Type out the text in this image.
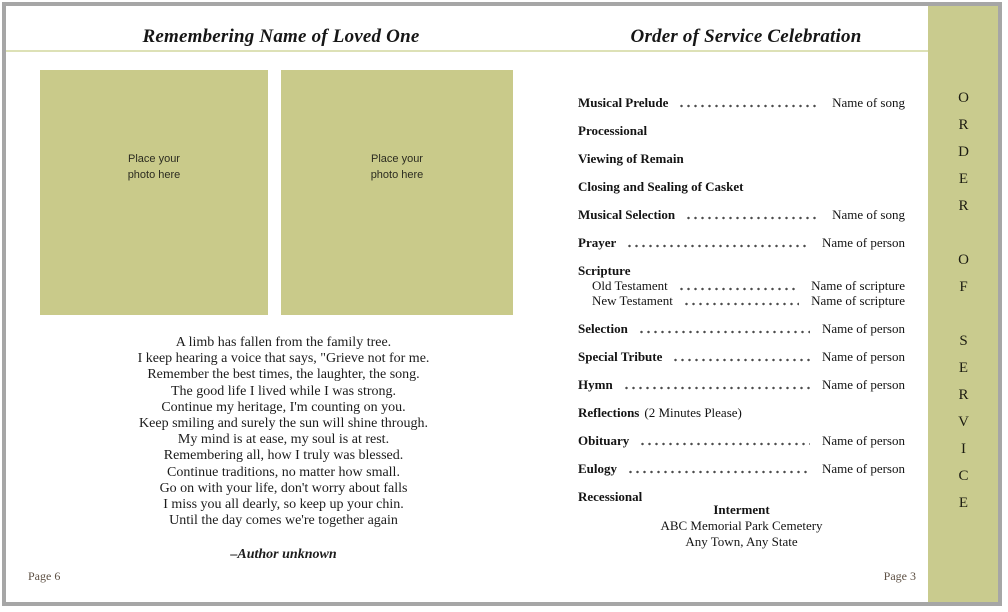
Remembering Name of Loved One	Order of Service Celebration
Place your photo here
Place your photo here
A limb has fallen from the family tree.
I keep hearing a voice that says, "Grieve not for me.
Remember the best times, the laughter, the song.
The good life I lived while I was strong.
Continue my heritage, I'm counting on you.
Keep smiling and surely the sun will shine through.
My mind is at ease, my soul is at rest.
Remembering all, how I truly was blessed.
Continue traditions, no matter how small.
Go on with your life, don't worry about falls
I miss you all dearly, so keep up your chin.
Until the day comes we're together again
–Author unknown
Musical Prelude	Name of song
Processional
Viewing of Remain
Closing and Sealing of Casket
Musical Selection	Name of song
Prayer	Name of person
Scripture
Old Testament	Name of scripture
New Testament	Name of scripture
Selection	Name of person
Special Tribute	Name of person
Hymn	Name of person
Reflections (2 Minutes Please)
Obituary	Name of person
Eulogy	Name of person
Recessional
Interment
ABC Memorial Park Cemetery
Any Town, Any State
Page 6	Page 3
ORDER OF SERVICE
